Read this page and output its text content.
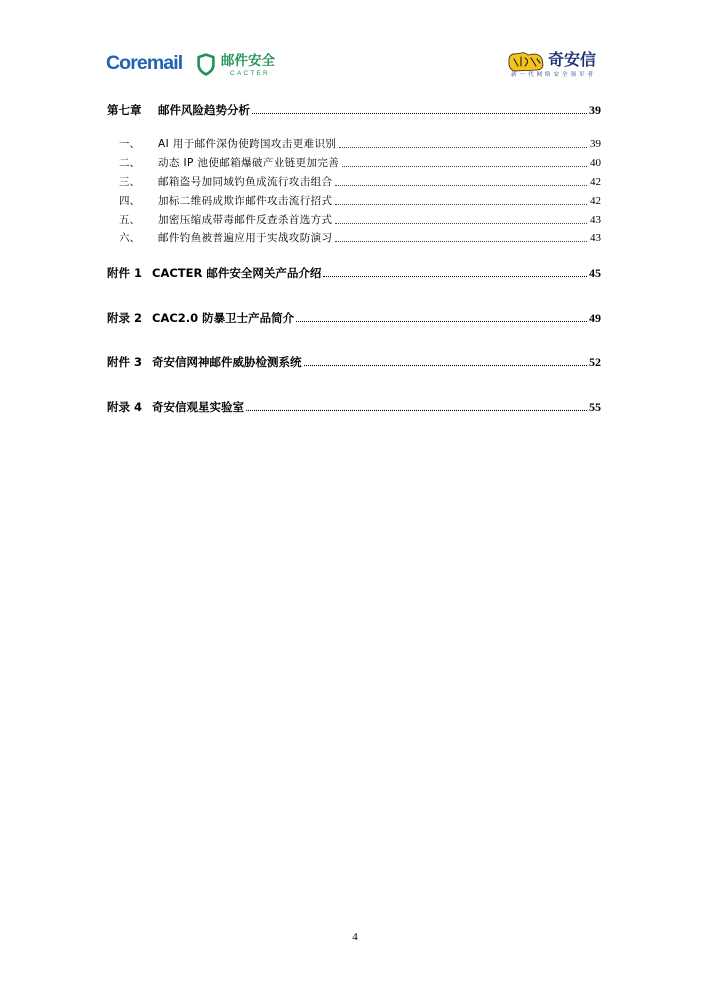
Coremail	邮件安全
CACTER
奇安信
新一代网络安全领军者
第七章	邮件风险趋势分析	39
一、	AI 用于邮件深伪使跨国攻击更难识别	39
二、	动态 IP 池使邮箱爆破产业链更加完善	40
三、	邮箱盗号加同域钓鱼成流行攻击组合	42
四、	加标二维码成欺诈邮件攻击流行招式	42
五、	加密压缩成带毒邮件反查杀首选方式	43
六、	邮件钓鱼被普遍应用于实战攻防演习	43
附件 1 CACTER 邮件安全网关产品介绍	45
附录 2 CAC2.0 防暴卫士产品简介	49
附件 3 奇安信网神邮件威胁检测系统	52
附录 4 奇安信观星实验室	55
4
